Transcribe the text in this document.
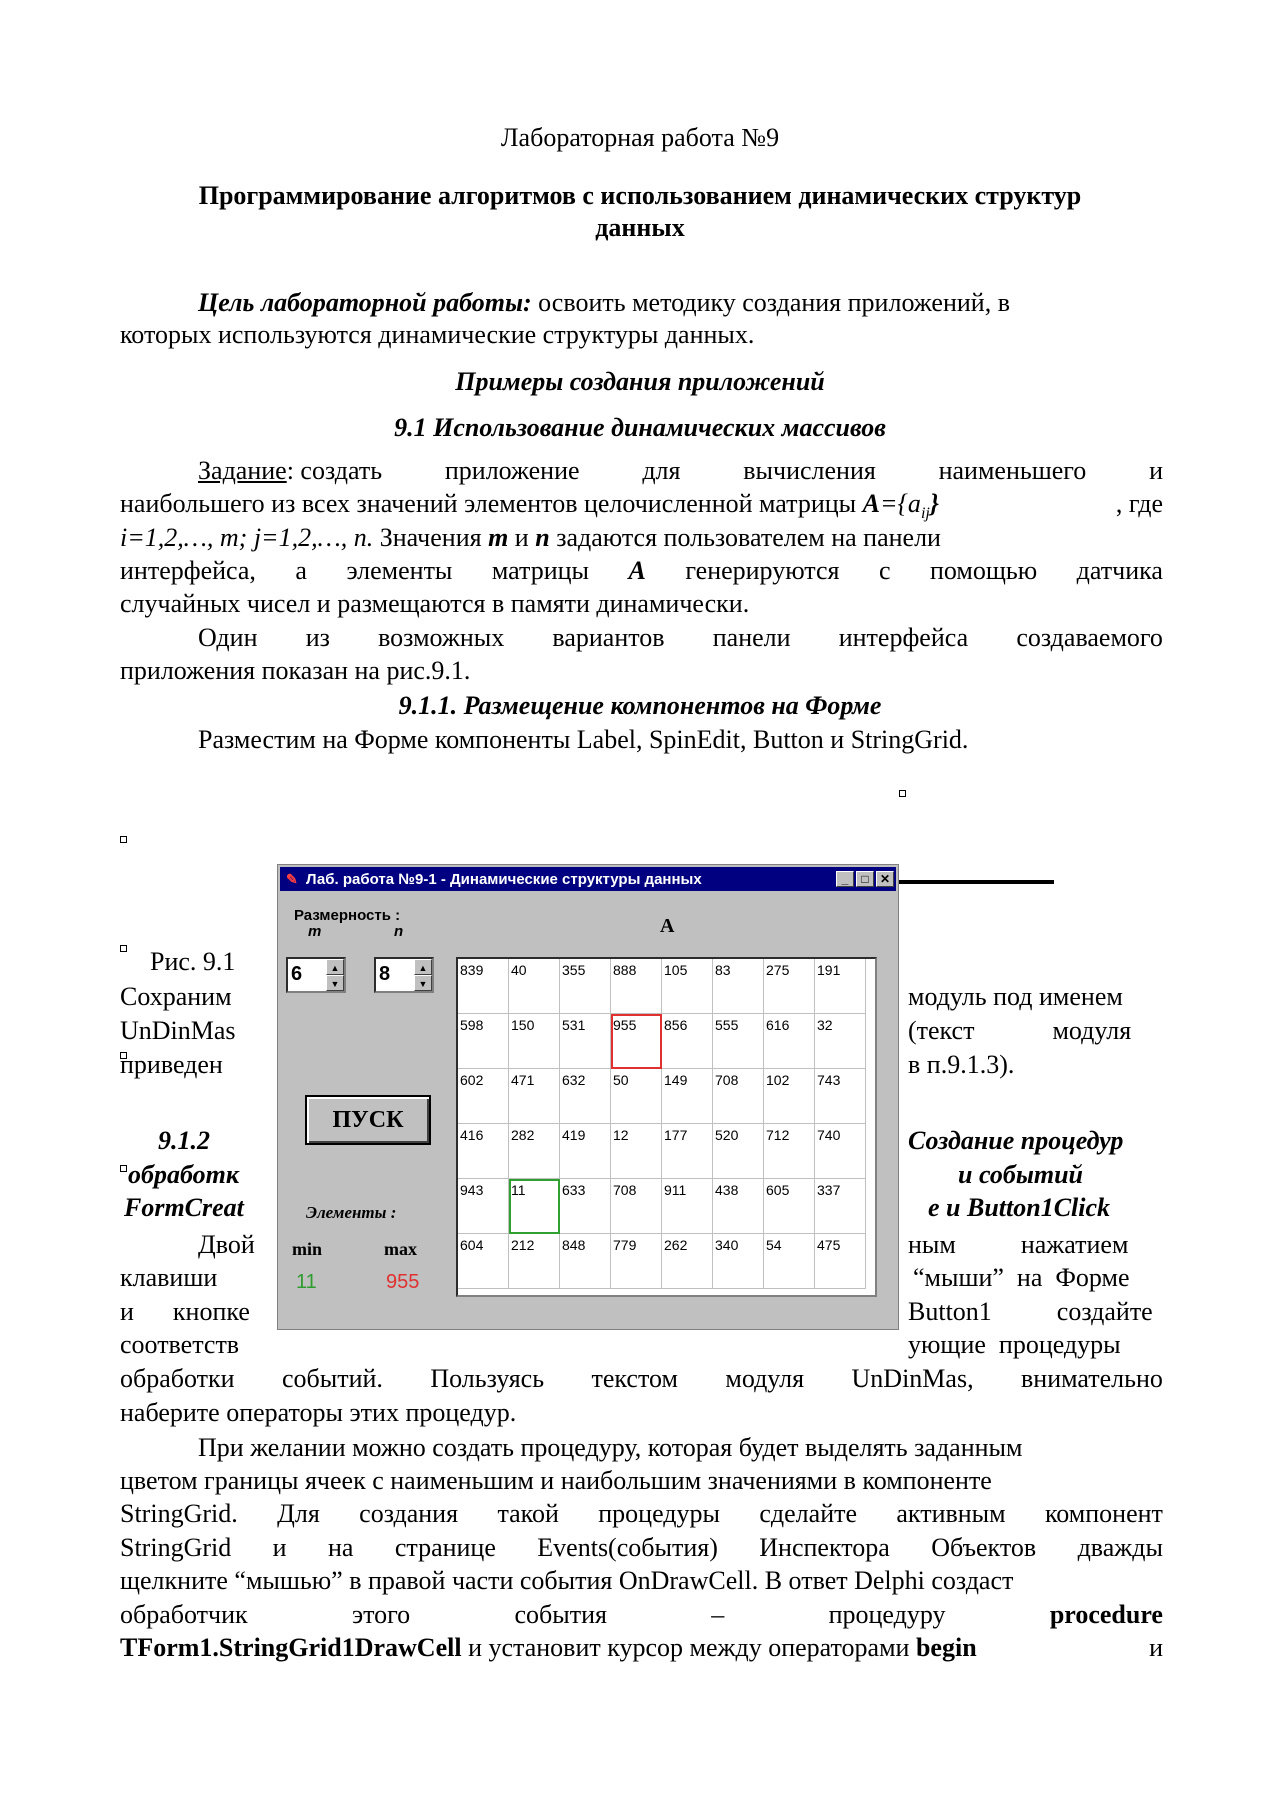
Лабораторная работа №9
Программирование алгоритмов с использованием динамических структур
данных
Цель лабораторной работы: освоить методику создания приложений, в
которых используются динамические структуры данных.
Примеры создания приложений
9.1 Использование динамических массивов
Задание: создать приложение для вычисления наименьшего и
наибольшего из всех значений элементов целочисленной матрицы $A=\{a_{ij}\}$	, где
i=1,2,…, m; j=1,2,…, n. Значения m и n задаются пользователем на панели
интерфейса, а элементы матрицы A генерируются с помощью датчика
случайных чисел и размещаются в памяти динамически.
Один из возможных вариантов панели интерфейса создаваемого
приложения показан на рис.9.1.
9.1.1. Размещение компонентов на Форме
Разместим на Форме компоненты Label, SpinEdit, Button и StringGrid.
Рис. 9.1
Сохраним
UnDinMas
приведен
модуль под именем
(текст            модуля
в п.9.1.3).
9.1.2
обработк
FormCreat
Создание процедур
и событий
е и Button1Click
Двой
клавиши
и      кнопке
соответств
ным          нажатием
“мыши”  на  Форме
Button1          создайте
ующие  процедуры
обработки событий. Пользуясь текстом модуля UnDinMas, внимательно
наберите операторы этих процедур.
При желании можно создать процедуру, которая будет выделять заданным
цветом границы ячеек с наименьшим и наибольшим значениями в компоненте
StringGrid. Для создания такой процедуры сделайте активным компонент
StringGrid и на странице Events(события) Инспектора Объектов дважды
щелкните “мышью” в правой части события OnDrawCell. В ответ Delphi создаст
обработчик	этого	события	–	процедуру	procedure
TForm1.StringGrid1DrawCell и установит курсор между операторами begin	и
✎ Лаб. работа №9-1 - Динамические структуры данных	_	□ ✕
Размерность :
m	n	A
6	▲
▼ 8	▲
▼
ПУСК
Элементы :
min	max
11	955
839	40	355	888	105	83	275	191
598	150	531	955	856	555	616	32
602	471	632	50	149	708	102	743
416	282	419	12	177	520	712	740
943	11	633	708	911	438	605	337
604	212	848	779	262	340	54	475
